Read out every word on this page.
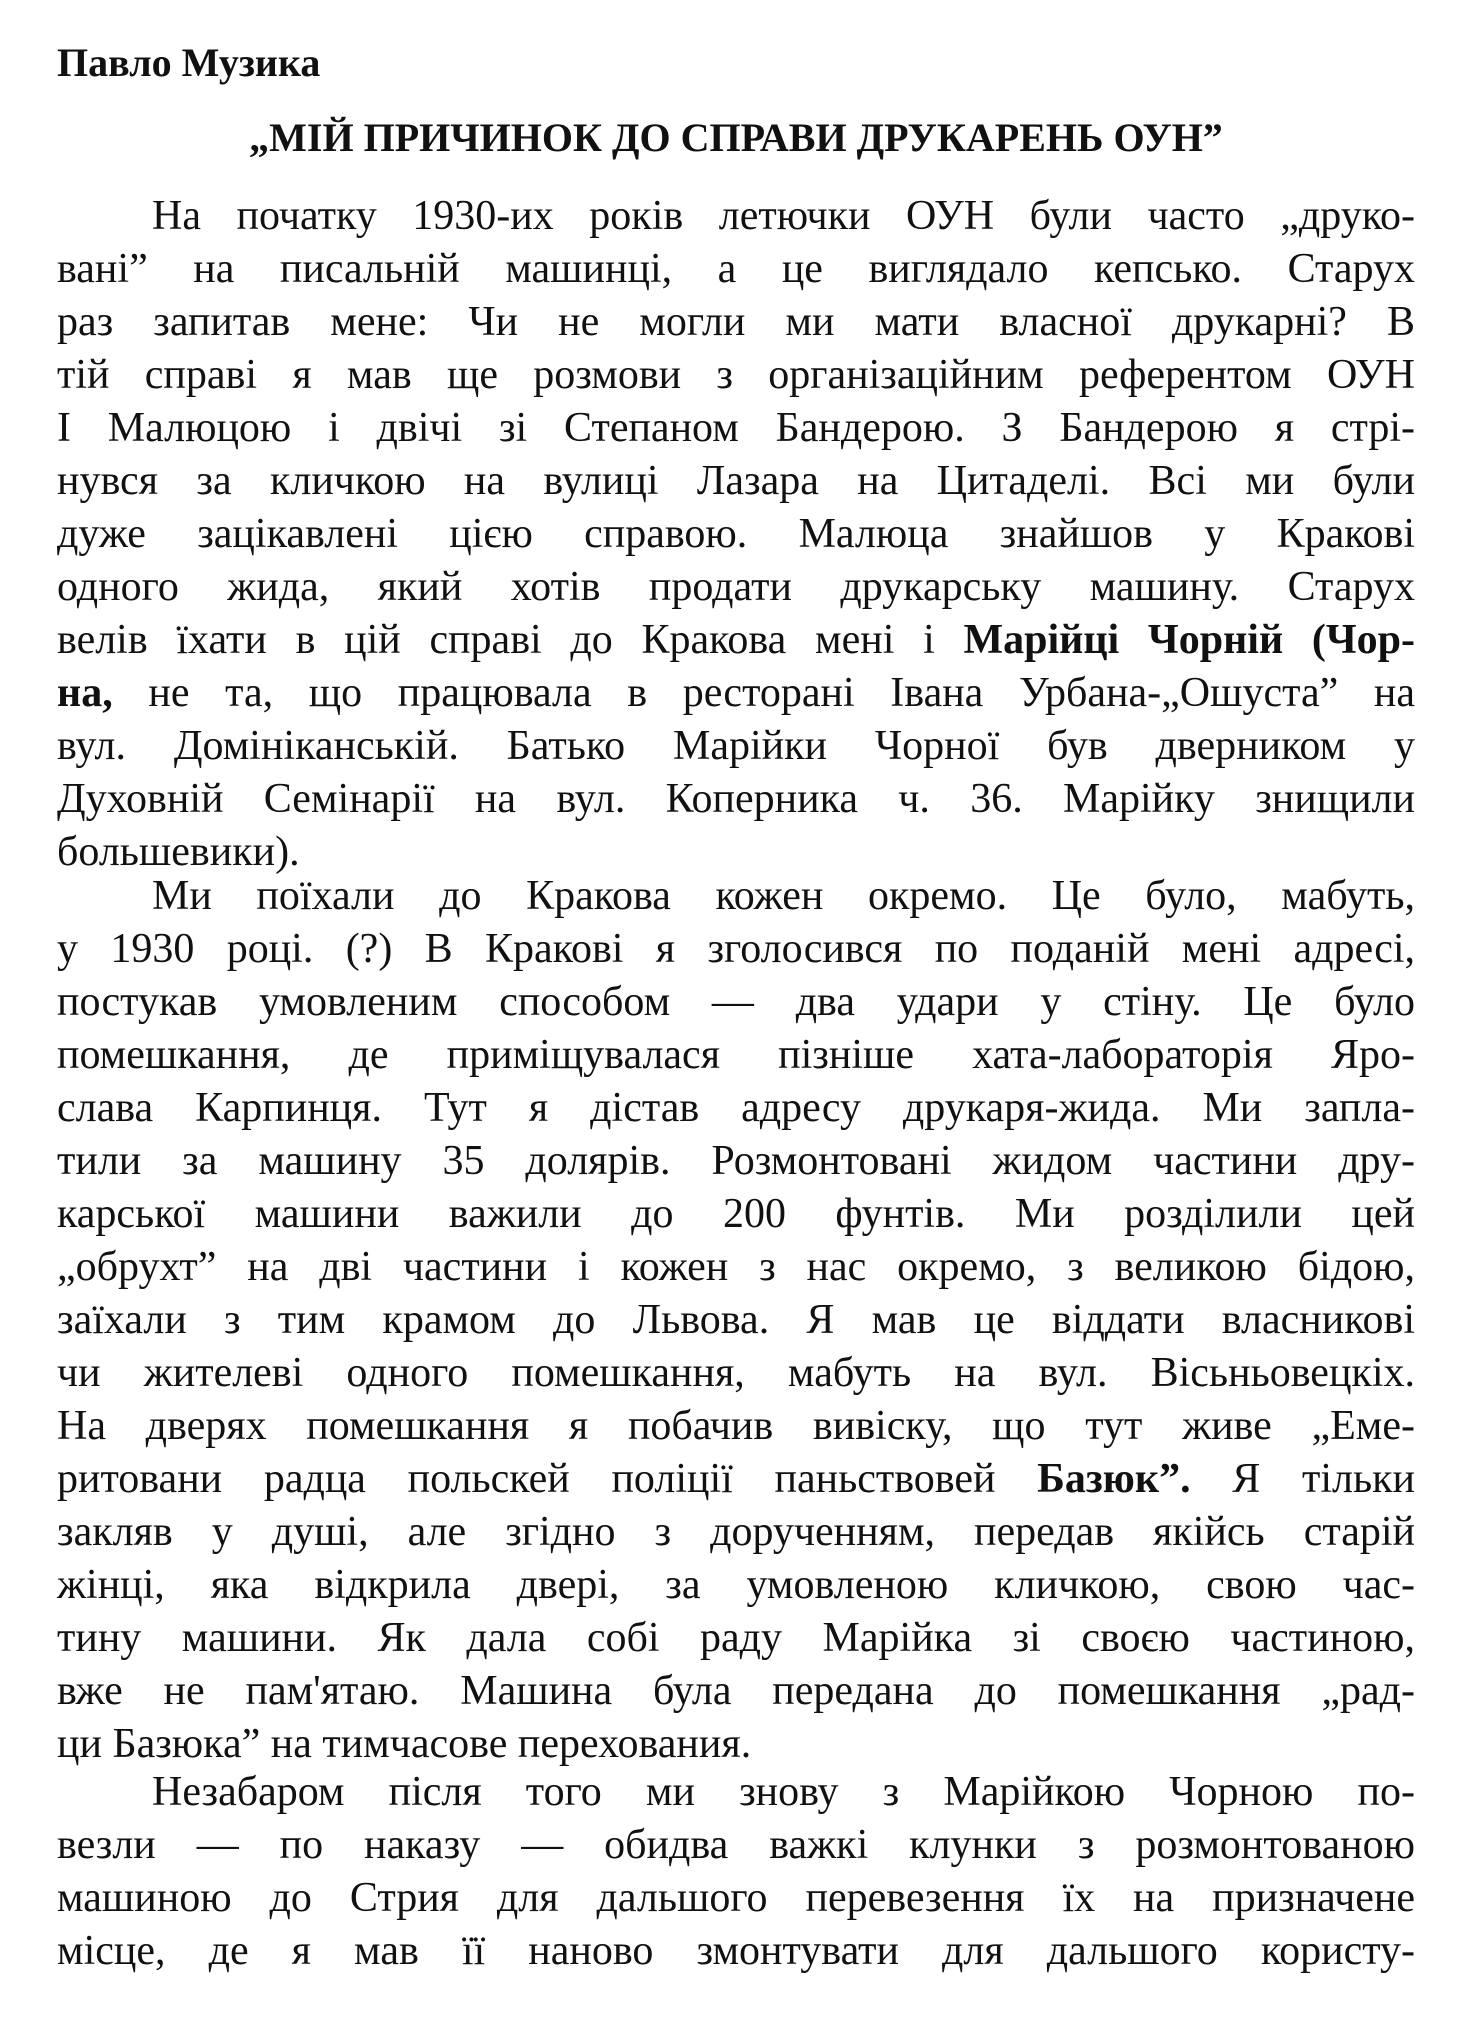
Павло Музика
„МІЙ ПРИЧИНОК ДО СПРАВИ ДРУКАРЕНЬ ОУН”
На початку 1930-их років летючки ОУН були часто „друко-
вані” на писальній машинці, а це виглядало кепсько. Старух
раз запитав мене: Чи не могли ми мати власної друкарні? В
тій справі я мав ще розмови з організаційним референтом ОУН
І Малюцою і двічі зі Степаном Бандерою. З Бандерою я стрі-
нувся за кличкою на вулиці Лазара на Цитаделі. Всі ми були
дуже зацікавлені цією справою. Малюца знайшов у Кракові
одного жида, який хотів продати друкарську машину. Старух
велів їхати в цій справі до Кракова мені і Марійці Чорній (Чор-
на, не та, що працювала в ресторані Івана Урбана-„Ошуста” на
вул. Домініканській. Батько Марійки Чорної був дверником у
Духовній Семінарії на вул. Коперника ч. 36. Марійку знищили
большевики).
Ми поїхали до Кракова кожен окремо. Це було, мабуть,
у 1930 році. (?) В Кракові я зголосився по поданій мені адресі,
постукав умовленим способом — два удари у стіну. Це було
помешкання, де приміщувалася пізніше хата-лабораторія Яро-
слава Карпинця. Тут я дістав адресу друкаря-жида. Ми запла-
тили за машину 35 долярів. Розмонтовані жидом частини дру-
карської машини важили до 200 фунтів. Ми розділили цей
„обрухт” на дві частини і кожен з нас окремо, з великою бідою,
заїхали з тим крамом до Львова. Я мав це віддати власникові
чи жителеві одного помешкання, мабуть на вул. Вісьньовецкіх.
На дверях помешкання я побачив вивіску, що тут живе „Еме-
ритовани радца польскей поліції паньствовей Базюк”. Я тільки
закляв у душі, але згідно з дорученням, передав якійсь старій
жінці, яка відкрила двері, за умовленою кличкою, свою час-
тину машини. Як дала собі раду Марійка зі своєю частиною,
вже не пам'ятаю. Машина була передана до помешкання „рад-
ци Базюка” на тимчасове перехования.
Незабаром після того ми знову з Марійкою Чорною по-
везли — по наказу — обидва важкі клунки з розмонтованою
машиною до Стрия для дальшого перевезення їх на призначене
місце, де я мав її наново змонтувати для дальшого користу-
